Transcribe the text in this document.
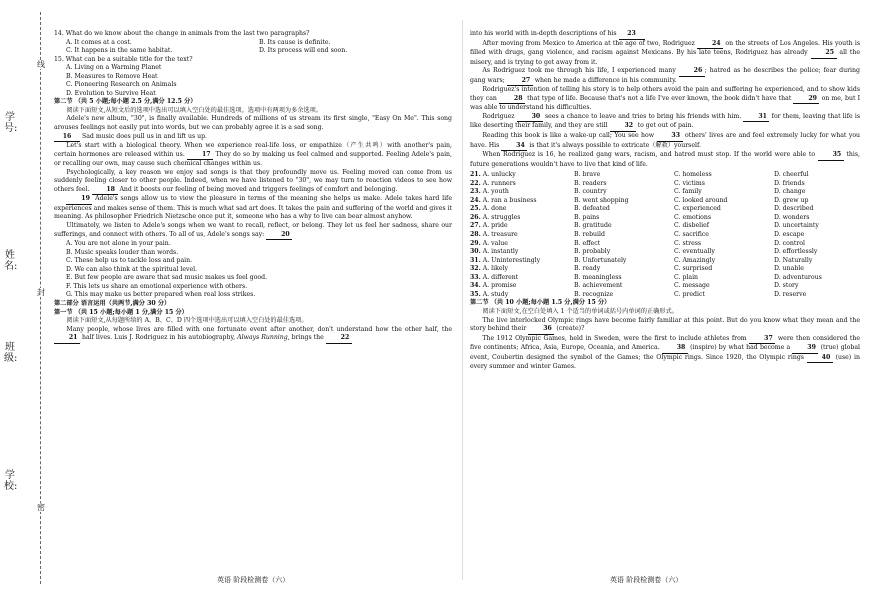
学号:
姓名:
班级:
学校:
线
封
密

14. What do we know about the change in animals from the last two paragraphs?

A. It comes at a cost.	B. Its cause is definite.
C. It happens in the same habitat.	D. Its process will end soon.

15. What can be a suitable title for the text?

A. Living on a Warming Planet
B. Measures to Remove Heat
C. Pioneering Research on Animals
D. Evolution to Survive Heat

第二节 （共 5 小题;每小题 2.5 分,满分 12.5 分）

阅读下面短文,从短文后的选项中选出可以填入空白处的最佳选项。选项中有两项为多余选项。

Adele's new album, "30", is finally available. Hundreds of millions of us stream its first single, "Easy On Me". This song arouses feelings not easily put into words, but we can probably agree it is a sad song.

16 Sad music does pull us in and lift us up.

Let's start with a biological theory. When we experience real-life loss, or empathize（产生共鸣）with another's pain, certain hormones are released within us.	17 They do so by making us feel calmed and supported. Feeling Adele's pain, or recalling our own, may cause such chemical changes within us.

Psychologically, a key reason we enjoy sad songs is that they profoundly move us. Feeling moved can come from us suddenly feeling closer to other people. Indeed, when we have listened to "30", we may turn to reaction videos to see how others feel.	18 And it boosts our feeling of being moved and triggers feelings of comfort and belonging.

19 Adele's songs allow us to view the pleasure in terms of the meaning she helps us make. Adele takes hard life experiences and makes sense of them. This is much what sad art does. It takes the pain and suffering of the world and gives it meaning. As philosopher Friedrich Nietzsche once put it, someone who has a why to live can bear almost anyhow.

Ultimately, we listen to Adele's songs when we want to recall, reflect, or belong. They let us feel her sadness, share our sufferings, and connect with others. To all of us, Adele's songs say:	20

A. You are not alone in your pain.
B. Music speaks louder than words.
C. These help us to tackle loss and pain.
D. We can also think at the spiritual level.
E. But few people are aware that sad music makes us feel good.
F. This lets us share an emotional experience with others.
G. This may make us better prepared when real loss strikes.

第二部分 语言运用（共两节,满分 30 分）

第一节 （共 15 小题;每小题 1 分,满分 15 分）

阅读下面短文,从每题所给的 A、B、C、D 四个选项中选出可以填入空白处的最佳选项。

Many people, whose lives are filled with one fortunate event after another, don't understand how the other half, the 21 half lives. Luis J. Rodriguez in his autobiography, Always Running, brings the	22

into his world with in-depth descriptions of his 23

After moving from Mexico to America at the age of two, Rodriguez	24 on the streets of Los Angeles. His youth is filled with drugs, gang violence, and racism against Mexicans. By his late teens, Rodriguez has already	25 all the misery, and is trying to get away from it.

As Rodriguez took me through his life, I experienced many	26 ; hatred as he describes the police; fear during gang wars;	27 when he made a difference in his community.

Rodriguez's intention of telling his story is to help others avoid the pain and suffering he experienced, and to show kids they can	28 that type of life. Because that's not a life I've ever known, the book didn't have that	29 on me, but I was able to understand his difficulties.

Rodriguez	30 sees a chance to leave and tries to bring his friends with him.	31 for them, leaving that life is like deserting their family, and they are still	32 to get out of pain.

Reading this book is like a wake-up call; You see how	33 others' lives are and feel extremely lucky for what you have. His	34 is that it's always possible to extricate（解救）yourself.

When Rodriguez is 16, he realized gang wars, racism, and hatred must stop. If the world were able to	35 this, future generations wouldn't have to live that kind of life.

21. A. unlucky	B. brave	C. homeless	D. cheerful
22. A. runners	B. readers	C. victims	D. friends
23. A. youth	B. country	C. family	D. change
24. A. ran a business	B. went shopping	C. looked around	D. grew up
25. A. done	B. defeated	C. experienced	D. described
26. A. struggles	B. pains	C. emotions	D. wonders
27. A. pride	B. gratitude	C. disbelief	D. uncertainty
28. A. treasure	B. rebuild	C. sacrifice	D. escape
29. A. value	B. effect	C. stress	D. control
30. A. instantly	B. probably	C. eventually	D. effortlessly
31. A. Uninterestingly	B. Unfortunately	C. Amazingly	D. Naturally
32. A. likely	B. ready	C. surprised	D. unable
33. A. different	B. meaningless	C. plain	D. adventurous
34. A. promise	B. achievement	C. message	D. story
35. A. study	B. recognize	C. predict	D. reserve

第二节 （共 10 小题;每小题 1.5 分,满分 15 分）

阅读下面短文,在空白处填入 1 个适当的单词或括号内单词的正确形式。

The live interlocked Olympic rings have become fairly familiar at this point. But do you know what they mean and the story behind their	36 (create)?

The 1912 Olympic Games, held in Sweden, were the first to include athletes from	37 were then considered the five continents; Africa, Asia, Europe, Oceania, and America.	38 (inspire) by what had become a	39 (true) global event, Coubertin designed the symbol of the Games; the Olympic rings. Since 1920, the Olympic rings	40 (use) in every summer and winter Games.

英语 阶段检测卷（六）	英语 阶段检测卷（六）
